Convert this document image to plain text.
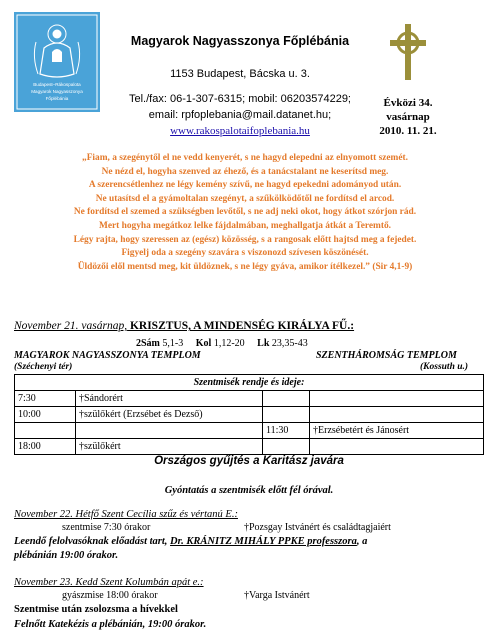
Budapest–Rákospalota
Magyarok Nagyasszonya
Főplébánia
Magyarok Nagyasszonya Főplébánia
1153 Budapest, Bácska u. 3.
Tel./fax: 06-1-307-6315; mobil: 06203574229;
email: rpfoplebania@mail.datanet.hu;
www.rakospalotaifoplebania.hu
Évközi 34.
vasárnap
2010. 11. 21.
„Fiam, a szegénytől el ne vedd kenyerét, s ne hagyd elepedni az elnyomott szemét.
Ne nézd el, hogyha szenved az éhező, és a tanácstalant ne keserítsd meg.
A szerencsétlenhez ne légy kemény szívű, ne hagyd epekedni adományod után.
Ne utasítsd el a gyámoltalan szegényt, a szűkölködőtől ne fordítsd el arcod.
Ne fordítsd el szemed a szükségben levőtől, s ne adj neki okot, hogy átkot szórjon rád.
Mert hogyha megátkoz lelke fájdalmában, meghallgatja átkát a Teremtő.
Légy rajta, hogy szeressen az (egész) közösség, s a rangosak előtt hajtsd meg a fejedet.
Figyelj oda a szegény szavára s viszonozd szívesen köszönését.
Üldözői elől mentsd meg, kit üldöznek, s ne légy gyáva, amikor ítélkezel.” (Sir 4,1-9)
November 21. vasárnap, KRISZTUS, A MINDENSÉG KIRÁLYA FŰ.:
2Sám 5,1-3 Kol 1,12-20 Lk 23,35-43
MAGYAROK NAGYASSZONYA TEMPLOM
(Széchenyi tér)
SZENTHÁROMSÁG TEMPLOM
(Kossuth u.)
Szentmisék rendje és ideje:			
7:30	†Sándorért		
10:00	†szülőkért (Erzsébet és Dezső)		
		11:30	†Erzsébetért és Jánosért
18:00	†szülőkért		
Országos gyűjtés a Karitász javára
Gyóntatás a szentmisék előtt fél órával.
November 22. Hétfő Szent Cecília szűz és vértanú E.:
szentmise 7:30 órakor	†Pozsgay Istvánért és családtagjaiért
Leendő felolvasóknak előadást tart, Dr. KRÁNITZ MIHÁLY PPKE professzora, a
plébánián 19:00 órakor.
November 23. Kedd Szent Kolumbán apát e.:
gyászmise 18:00 órakor	†Varga Istvánért
Szentmise után zsolozsma a hívekkel
Felnőtt Katekézis a plébánián, 19:00 órakor.
